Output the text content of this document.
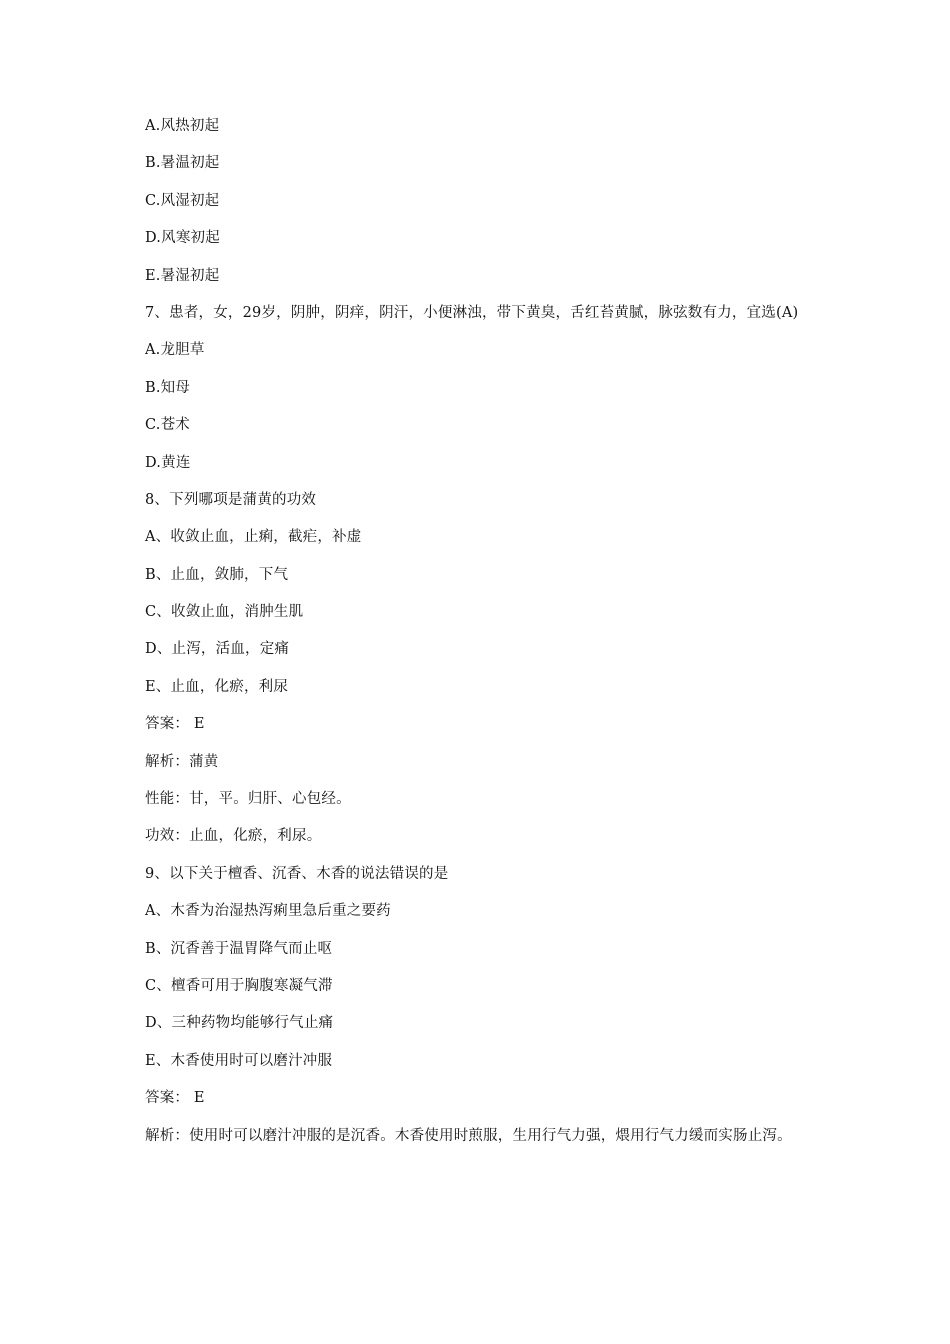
A.风热初起
B.暑温初起
C.风湿初起
D.风寒初起
E.暑湿初起
7、患者，女，29岁，阴肿，阴痒，阴汗，小便淋浊，带下黄臭，舌红苔黄腻，脉弦数有力，宜选(A)
A.龙胆草
B.知母
C.苍术
D.黄连
8、下列哪项是蒲黄的功效
A、收敛止血，止痢，截疟，补虚
B、止血，敛肺，下气
C、收敛止血，消肿生肌
D、止泻，活血，定痛
E、止血，化瘀，利尿
答案： E
解析：蒲黄
性能：甘，平。归肝、心包经。
功效：止血，化瘀，利尿。
9、以下关于檀香、沉香、木香的说法错误的是
A、木香为治湿热泻痢里急后重之要药
B、沉香善于温胃降气而止呕
C、檀香可用于胸腹寒凝气滞
D、三种药物均能够行气止痛
E、木香使用时可以磨汁冲服
答案： E
解析：使用时可以磨汁冲服的是沉香。木香使用时煎服，生用行气力强，煨用行气力缓而实肠止泻。
